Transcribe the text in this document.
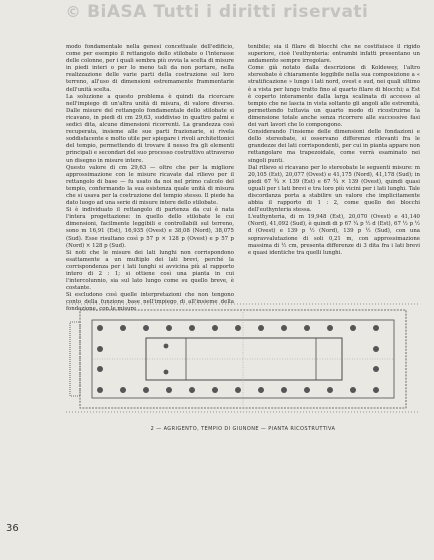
© BiASA Tutti i diritti riservati

modo fondamentale nella genesi concettuale dell'edificio, come per esempio il rettangolo dello stilobate o l'interasse delle colonne, per i quali sembra più ovvia la scelta di misure in piedi interi o per lo meno tali da non portare, nella realizzazione delle varie parti della costruzione sul loro terreno, all'uso di dimensioni estremamente frammentarie dell'unità scelta.

La soluzione a questo problema è quindi da ricercare nell'impiego di un'altra unità di misura, di valore diverso. Dalle misure del rettangolo fondamentale dello stilobate si ricavano, in piedi di cm 29,63, suddiviso in quattro palmi e sedici dita, alcune dimensioni ricorrenti. La grandezza così recuperata, insieme alle sue parti frazionarie, si rivela soddisfacente e molto utile per spiegare i rivoli architettonici del tempio, permettendo di trovare il nesso fra gli elementi principali e secondari del suo processo costruttivo attraverso un disegno in misure intere.

Questo valore di cm 29,63 — oltre che per la migliore approssimazione con le misure ricavate dal rilievo per il rettangolo di base — fu usato da noi nel primo calcolo del tempio, confermando la sua esistenza quale unità di misura che si usava per la costruzione del tempio stesso. Il piede ha dato luogo ad una serie di misure intere dello stilobate.

Si è individuato il rettangolo di partenza da cui è nata l'intera progettazione: in quello dello stilobate le cui dimensioni, facilmente leggibili e controllabili sul terreno, sono m 16,91 (Est), 16,935 (Ovest) e 38,08 (Nord), 38,075 (Sud). Esse risultano così p 57 p × 128 p (Ovest) e p 57 p (Nord) × 128 p (Sud).

Si noti che le misure dei lati lunghi non corrispondono esattamente a un multiplo dei lati brevi, perché la corrispondenza per i lati lunghi si avvicina più al rapporto intero di 2 : 1; si ottiene così una pianta in cui l'intercolunnio, sia sul lato lungo come su quello breve, è costante.

Si escludono così quelle interpretazioni che non tengono conto della funzione base nell'impiego di all'insieme della fondazione, con le misure

tenibile; sia il filare di blocchi che ne costituisce il rigido superiore, cioè l'euthynteria: entrambi infatti presentano un andamento sempre irregolare.

Come già notato dalla descrizione di Koldewey, l'altro stereobate è chiaramente leggibile nella sua composizione a « stratificazione » lungo i lati nord, ovest e sud, nei quali ultimo è a vista per lungo tratto fino al quarto filare di blocchi; a Est è coperto interamente dalla larga scalinata di accesso al tempio che ne lascia in vista soltanto gli angoli alle estremità, permettendo tuttavia un quarto modo di ricostruirne la dimensione totale anche senza ricorrere alle successive fasi dei vari lavori che lo compongono.

Considerando l'insieme delle dimensioni delle fondazioni e dello stereobate, si osservano differenze rilevanti fra le grandezze dei lati corrispondenti, per cui in pianta appare non rettangolare ma trapezoidale, come verrà esaminato nei singoli punti.

Dal rilievo si ricavano per lo stereobate le seguenti misure: m 20,105 (Est), 20,077 (Ovest) e 41,175 (Nord), 41,178 (Sud); in piedi 67 ¾ × 139 (Est) e 67 ¾ × 139 (Ovest), quindi quasi uguali per i lati brevi e tra loro più vicini per i lati lunghi. Tale discordanza porta a stabilire un valore che implicitamente abbia il rapporto di 1 : 2, come quello dei blocchi dell'euthynteria stessa.

L'euthynteria, di m 19,948 (Est), 20,070 (Ovest) e 41,140 (Nord), 41,092 (Sud), è quindi di p 67 ¼ p ½ d (Est), 67 ½ p ½ d (Ovest) e 139 p ½ (Nord), 139 p ½ (Sud), con una sopravvalutazione di soli 0,21 m, con approssimazione massima di ½ cm, presenta differenze di 3 dita fra i lati brevi e quasi identiche tra quelli lunghi.

2 — AGRIGENTO, TEMPIO DI GIUNONE — PIANTA RICOSTRUTTIVA
36
